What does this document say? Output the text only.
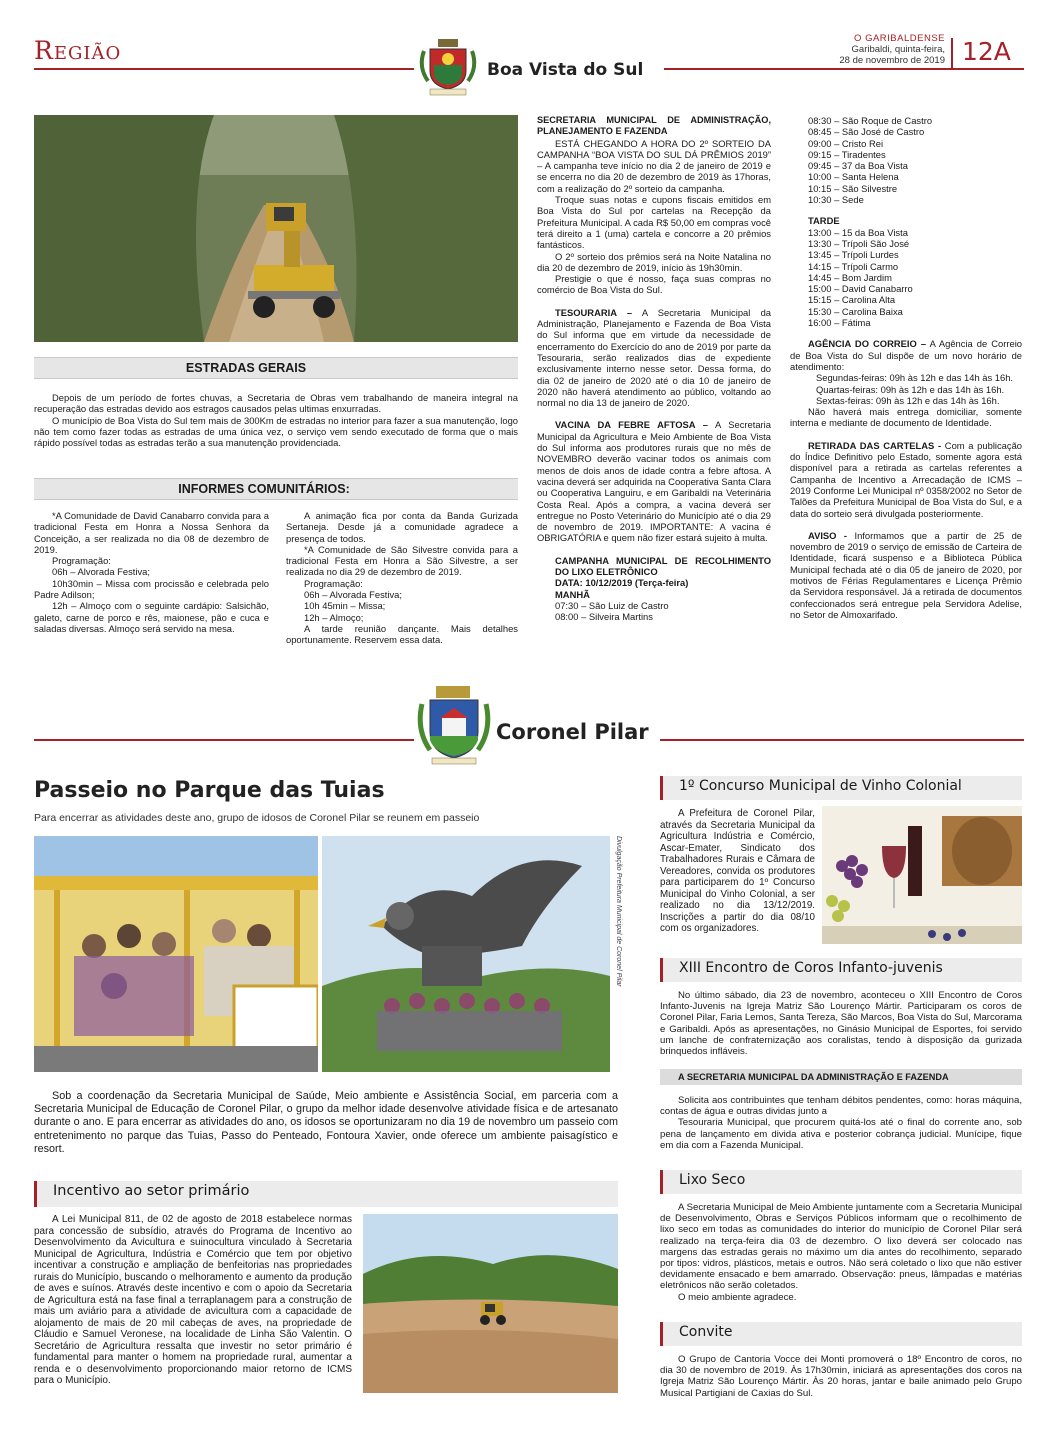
Região
Boa Vista do Sul
O GARIBALDENSE
Garibaldi, quinta-feira,
28 de novembro de 2019 12A
ESTRADAS GERAIS

Depois de um período de fortes chuvas, a Secretaria de Obras vem trabalhando de maneira integral na recuperação das estradas devido aos estragos causados pelas ultimas enxurradas.

O município de Boa Vista do Sul tem mais de 300Km de estradas no interior para fazer a sua manutenção, logo não tem como fazer todas as estradas de uma única vez, o serviço vem sendo executado de forma que o mais rápido possível todas as estradas terão a sua manutenção providenciada.

INFORMES COMUNITÁRIOS:

*A Comunidade de David Canabarro convida para a tradicional Festa em Honra a Nossa Senhora da Conceição, a ser realizada no dia 08 de dezembro de 2019.

Programação:

06h – Alvorada Festiva;

10h30min – Missa com procissão e celebrada pelo Padre Adilson;

12h – Almoço com o seguinte cardápio: Salsichão, galeto, carne de porco e rês, maionese, pão e cuca e saladas diversas. Almoço será servido na mesa.

A animação fica por conta da Banda Gurizada Sertaneja. Desde já a comunidade agradece a presença de todos.

*A Comunidade de São Silvestre convida para a tradicional Festa em Honra a São Silvestre, a ser realizada no dia 29 de dezembro de 2019.

Programação:

06h – Alvorada Festiva;

10h 45min – Missa;

12h – Almoço;

A tarde reunião dançante. Mais detalhes oportunamente. Reservem essa data.

SECRETARIA MUNICIPAL DE ADMINISTRAÇÃO, PLANEJAMENTO E FAZENDA

ESTÁ CHEGANDO A HORA DO 2º SORTEIO DA CAMPANHA “BOA VISTA DO SUL DÁ PRÊMIOS 2019” – A campanha teve início no dia 2 de janeiro de 2019 e se encerra no dia 20 de dezembro de 2019 às 17horas, com a realização do 2º sorteio da campanha.

Troque suas notas e cupons fiscais emitidos em Boa Vista do Sul por cartelas na Recepção da Prefeitura Municipal. A cada R$ 50,00 em compras você terá direito a 1 (uma) cartela e concorre a 20 prêmios fantásticos.

O 2º sorteio dos prêmios será na Noite Natalina no dia 20 de dezembro de 2019, início às 19h30min.

Prestigie o que é nosso, faça suas compras no comércio de Boa Vista do Sul.

TESOURARIA – A Secretaria Municipal da Administração, Planejamento e Fazenda de Boa Vista do Sul informa que em virtude da necessidade de encerramento do Exercício do ano de 2019 por parte da Tesouraria, serão realizados dias de expediente exclusivamente interno nesse setor. Dessa forma, do dia 02 de janeiro de 2020 até o dia 10 de janeiro de 2020 não haverá atendimento ao público, voltando ao normal no dia 13 de janeiro de 2020.

VACINA DA FEBRE AFTOSA – A Secretaria Municipal da Agricultura e Meio Ambiente de Boa Vista do Sul informa aos produtores rurais que no mês de NOVEMBRO deverão vacinar todos os animais com menos de dois anos de idade contra a febre aftosa. A vacina deverá ser adquirida na Cooperativa Santa Clara ou Cooperativa Languiru, e em Garibaldi na Veterinária Costa Real. Após a compra, a vacina deverá ser entregue no Posto Veterinário do Município até o dia 29 de novembro de 2019. IMPORTANTE: A vacina é OBRIGATÓRIA e quem não fizer estará sujeito à multa.

CAMPANHA MUNICIPAL DE RECOLHIMENTO DO LIXO ELETRÔNICO
DATA: 10/12/2019 (Terça-feira)
MANHÃ
07:30 – São Luiz de Castro
08:00 – Silveira Martins
08:30 – São Roque de Castro
08:45 – São José de Castro
09:00 – Cristo Rei
09:15 – Tiradentes
09:45 – 37 da Boa Vista
10:00 – Santa Helena
10:15 – São Silvestre
10:30 – Sede
TARDE
13:00 – 15 da Boa Vista
13:30 – Trípoli São José
13:45 – Trípoli Lurdes
14:15 – Trípoli Carmo
14:45 – Bom Jardim
15:00 – David Canabarro
15:15 – Carolina Alta
15:30 – Carolina Baixa
16:00 – Fátima

AGÊNCIA DO CORREIO – A Agência de Correio de Boa Vista do Sul dispõe de um novo horário de atendimento:

Segundas-feiras: 09h às 12h e das 14h às 16h.
Quartas-feiras: 09h às 12h e das 14h às 16h.
Sextas-feiras: 09h às 12h e das 14h às 16h.

Não haverá mais entrega domiciliar, somente interna e mediante de documento de Identidade.

RETIRADA DAS CARTELAS - Com a publicação do Índice Definitivo pelo Estado, somente agora está disponível para a retirada as cartelas referentes a Campanha de Incentivo a Arrecadação de ICMS – 2019 Conforme Lei Municipal nº 0358/2002 no Setor de Talões da Prefeitura Municipal de Boa Vista do Sul, e a data do sorteio será divulgada posteriormente.

AVISO - Informamos que a partir de 25 de novembro de 2019 o serviço de emissão de Carteira de Identidade, ficará suspenso e a Biblioteca Pública Municipal fechada até o dia 05 de janeiro de 2020, por motivos de Férias Regulamentares e Licença Prêmio da Servidora responsável. Já a retirada de documentos confeccionados será entregue pela Servidora Adelise, no Setor de Almoxarifado.

Coronel Pilar
Passeio no Parque das Tuias
Para encerrar as atividades deste ano, grupo de idosos de Coronel Pilar se reunem em passeio
Divulgação Prefeitura Municipal de Coronel Pilar

Sob a coordenação da Secretaria Municipal de Saúde, Meio ambiente e Assistência Social, em parceria com a Secretaria Municipal de Educação de Coronel Pilar, o grupo da melhor idade desenvolve atividade física e de artesanato durante o ano. E para encerrar as atividades do ano, os idosos se oportunizaram no dia 19 de novembro um passeio com entretenimento no parque das Tuias, Passo do Penteado, Fontoura Xavier, onde oferece um ambiente paisagístico e resort.

Incentivo ao setor primário

A Lei Municipal 811, de 02 de agosto de 2018 estabelece normas para concessão de subsídio, através do Programa de Incentivo ao Desenvolvimento da Avicultura e suinocultura vinculado à Secretaria Municipal de Agricultura, Indústria e Comércio que tem por objetivo incentivar a construção e ampliação de benfeitorias nas propriedades rurais do Município, buscando o melhoramento e aumento da produção de aves e suínos. Através deste incentivo e com o apoio da Secretaria de Agricultura está na fase final a terraplanagem para a construção de mais um aviário para a atividade de avicultura com a capacidade de alojamento de mais de 20 mil cabeças de aves, na propriedade de Cláudio e Samuel Veronese, na localidade de Linha São Valentin. O Secretário de Agricultura ressalta que investir no setor primário é fundamental para manter o homem na propriedade rural, aumentar a renda e o desenvolvimento proporcionando maior retorno de ICMS para o Município.

1º Concurso Municipal de Vinho Colonial

A Prefeitura de Coronel Pilar, através da Secretaria Municipal da Agricultura Indústria e Comércio, Ascar-Emater, Sindicato dos Trabalhadores Rurais e Câmara de Vereadores, convida os produtores para participarem do 1º Concurso Municipal do Vinho Colonial, a ser realizado no dia 13/12/2019. Inscrições a partir do dia 08/10 com os organizadores.

XIII Encontro de Coros Infanto-juvenis

No último sábado, dia 23 de novembro, aconteceu o XIII Encontro de Coros Infanto-Juvenis na Igreja Matriz São Lourenço Mártir. Participaram os coros de Coronel Pilar, Faria Lemos, Santa Tereza, São Marcos, Boa Vista do Sul, Marcorama e Garibaldi. Após as apresentações, no Ginásio Municipal de Esportes, foi servido um lanche de confraternização aos coralistas, tendo à disposição da gurizada brinquedos infláveis.

A SECRETARIA MUNICIPAL DA ADMINISTRAÇÃO E FAZENDA

Solicita aos contribuintes que tenham débitos pendentes, como: horas máquina, contas de água e outras dividas junto a

Tesouraria Municipal, que procurem quitá-los até o final do corrente ano, sob pena de lançamento em divida ativa e posterior cobrança judicial. Munícipe, fique em dia com a Fazenda Municipal.

Lixo Seco

A Secretaria Municipal de Meio Ambiente juntamente com a Secretaria Municipal de Desenvolvimento, Obras e Serviços Públicos informam que o recolhimento de lixo seco em todas as comunidades do interior do município de Coronel Pilar será realizado na terça-feira dia 03 de dezembro. O lixo deverá ser colocado nas margens das estradas gerais no máximo um dia antes do recolhimento, separado por tipos: vidros, plásticos, metais e outros. Não será coletado o lixo que não estiver devidamente ensacado e bem amarrado. Observação: pneus, lâmpadas e matérias eletrônicos não serão coletados.

O meio ambiente agradece.

Convite

O Grupo de Cantoria Vocce dei Monti promoverá o 18º Encontro de coros, no dia 30 de novembro de 2019. Às 17h30min, iniciará as apresentações dos coros na Igreja Matriz São Lourenço Mártir. Às 20 horas, jantar e baile animado pelo Grupo Musical Partigiani de Caxias do Sul.
